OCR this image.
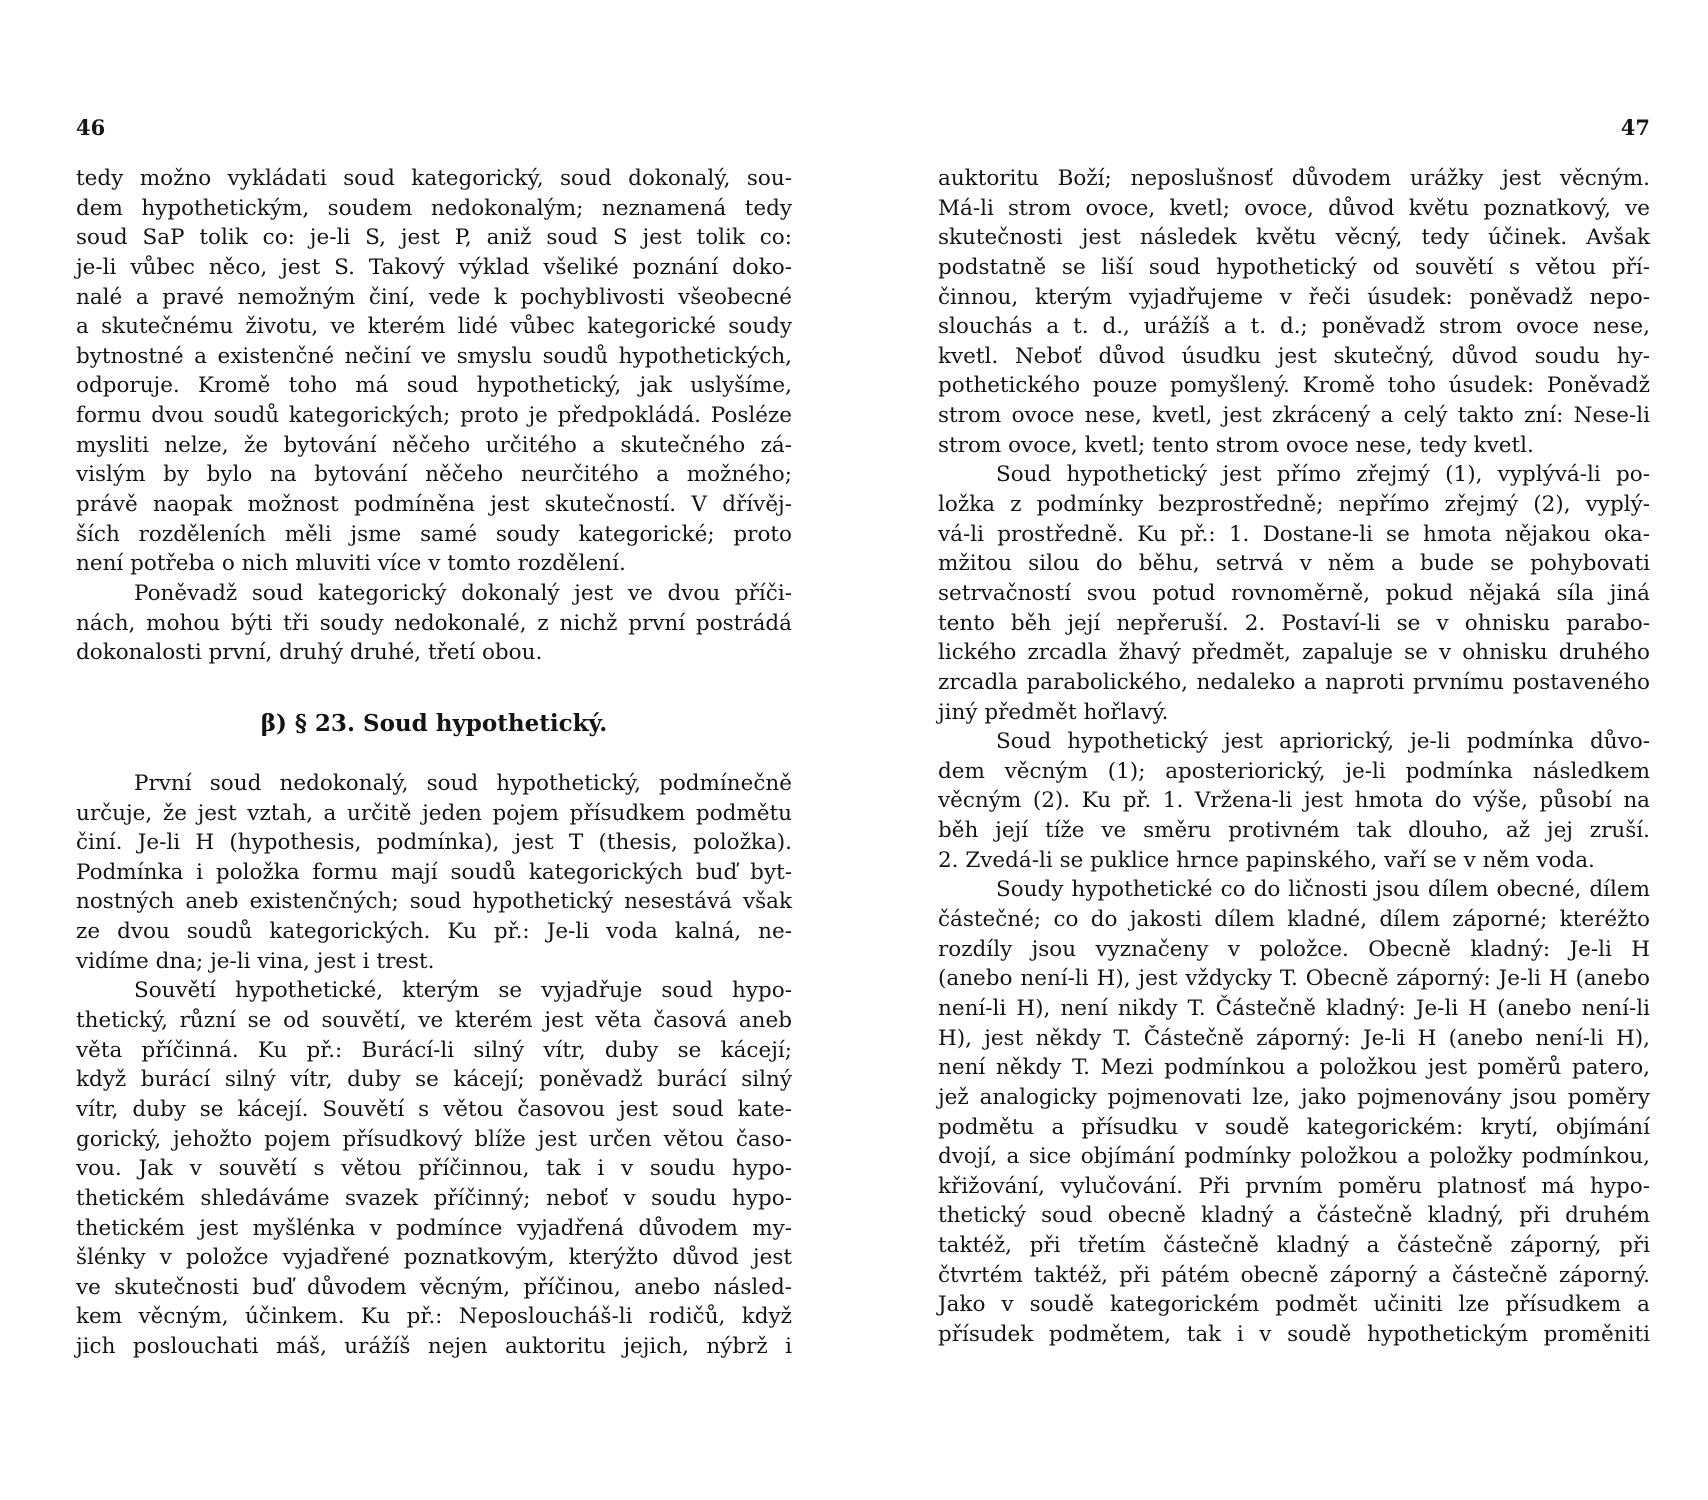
46
tedy možno vykládati soud kategorický, soud dokonalý, sou-
dem hypothetickým, soudem nedokonalým; neznamená tedy
soud SaP tolik co: je-li S, jest P, aniž soud S jest tolik co:
je-li vůbec něco, jest S. Takový výklad všeliké poznání doko-
nalé a pravé nemožným činí, vede k pochyblivosti všeobecné
a skutečnému životu, ve kterém lidé vůbec kategorické soudy
bytnostné a existenčné nečiní ve smyslu soudů hypothetických,
odporuje. Kromě toho má soud hypothetický, jak uslyšíme,
formu dvou soudů kategorických; proto je předpokládá. Posléze
mysliti nelze, že bytování něčeho určitého a skutečného zá-
vislým by bylo na bytování něčeho neurčitého a možného;
právě naopak možnost podmíněna jest skutečností. V dřívěj-
ších rozděleních měli jsme samé soudy kategorické; proto
není potřeba o nich mluviti více v tomto rozdělení.
Poněvadž soud kategorický dokonalý jest ve dvou příči-
nách, mohou býti tři soudy nedokonalé, z nichž první postrádá
dokonalosti první, druhý druhé, třetí obou.
β) § 23. Soud hypothetický.
První soud nedokonalý, soud hypothetický, podmínečně
určuje, že jest vztah, a určitě jeden pojem přísudkem podmětu
činí. Je-li H (hypothesis, podmínka), jest T (thesis, položka).
Podmínka i položka formu mají soudů kategorických buď byt-
nostných aneb existenčných; soud hypothetický nesestává však
ze dvou soudů kategorických. Ku př.: Je-li voda kalná, ne-
vidíme dna; je-li vina, jest i trest.
Souvětí hypothetické, kterým se vyjadřuje soud hypo-
thetický, různí se od souvětí, ve kterém jest věta časová aneb
věta příčinná. Ku př.: Burácí-li silný vítr, duby se kácejí;
když burácí silný vítr, duby se kácejí; poněvadž burácí silný
vítr, duby se kácejí. Souvětí s větou časovou jest soud kate-
gorický, jehožto pojem přísudkový blíže jest určen větou časo-
vou. Jak v souvětí s větou příčinnou, tak i v soudu hypo-
thetickém shledáváme svazek příčinný; neboť v soudu hypo-
thetickém jest myšlénka v podmínce vyjadřená důvodem my-
šlénky v položce vyjadřené poznatkovým, kterýžto důvod jest
ve skutečnosti buď důvodem věcným, příčinou, anebo násled-
kem věcným, účinkem. Ku př.: Neposloucháš-li rodičů, když
jich poslouchati máš, urážíš nejen auktoritu jejich, nýbrž i
47
auktoritu Boží; neposlušnosť důvodem urážky jest věcným.
Má-li strom ovoce, kvetl; ovoce, důvod květu poznatkový, ve
skutečnosti jest následek květu věcný, tedy účinek. Avšak
podstatně se liší soud hypothetický od souvětí s větou pří-
činnou, kterým vyjadřujeme v řeči úsudek: poněvadž nepo-
slouchás a t. d., urážíš a t. d.; poněvadž strom ovoce nese,
kvetl. Neboť důvod úsudku jest skutečný, důvod soudu hy-
pothetického pouze pomyšlený. Kromě toho úsudek: Poněvadž
strom ovoce nese, kvetl, jest zkrácený a celý takto zní: Nese-li
strom ovoce, kvetl; tento strom ovoce nese, tedy kvetl.
Soud hypothetický jest přímo zřejmý (1), vyplývá-li po-
ložka z podmínky bezprostředně; nepřímo zřejmý (2), vyplý-
vá-li prostředně. Ku př.: 1. Dostane-li se hmota nějakou oka-
mžitou silou do běhu, setrvá v něm a bude se pohybovati
setrvačností svou potud rovnoměrně, pokud nějaká síla jiná
tento běh její nepřeruší. 2. Postaví-li se v ohnisku parabo-
lického zrcadla žhavý předmět, zapaluje se v ohnisku druhého
zrcadla parabolického, nedaleko a naproti prvnímu postaveného
jiný předmět hořlavý.
Soud hypothetický jest apriorický, je-li podmínka důvo-
dem věcným (1); aposteriorický, je-li podmínka následkem
věcným (2). Ku př. 1. Vržena-li jest hmota do výše, působí na
běh její tíže ve směru protivném tak dlouho, až jej zruší.
2. Zvedá-li se puklice hrnce papinského, vaří se v něm voda.
Soudy hypothetické co do ličnosti jsou dílem obecné, dílem
částečné; co do jakosti dílem kladné, dílem záporné; kteréžto
rozdíly jsou vyznačeny v položce. Obecně kladný: Je-li H
(anebo není-li H), jest vždycky T. Obecně záporný: Je-li H (anebo
není-li H), není nikdy T. Částečně kladný: Je-li H (anebo není-li
H), jest někdy T. Částečně záporný: Je-li H (anebo není-li H),
není někdy T. Mezi podmínkou a položkou jest poměrů patero,
jež analogicky pojmenovati lze, jako pojmenovány jsou poměry
podmětu a přísudku v soudě kategorickém: krytí, objímání
dvojí, a sice objímání podmínky položkou a položky podmínkou,
křižování, vylučování. Při prvním poměru platnosť má hypo-
thetický soud obecně kladný a částečně kladný, při druhém
taktéž, při třetím částečně kladný a částečně záporný, při
čtvrtém taktéž, při pátém obecně záporný a částečně záporný.
Jako v soudě kategorickém podmět učiniti lze přísudkem a
přísudek podmětem, tak i v soudě hypothetickým proměniti
